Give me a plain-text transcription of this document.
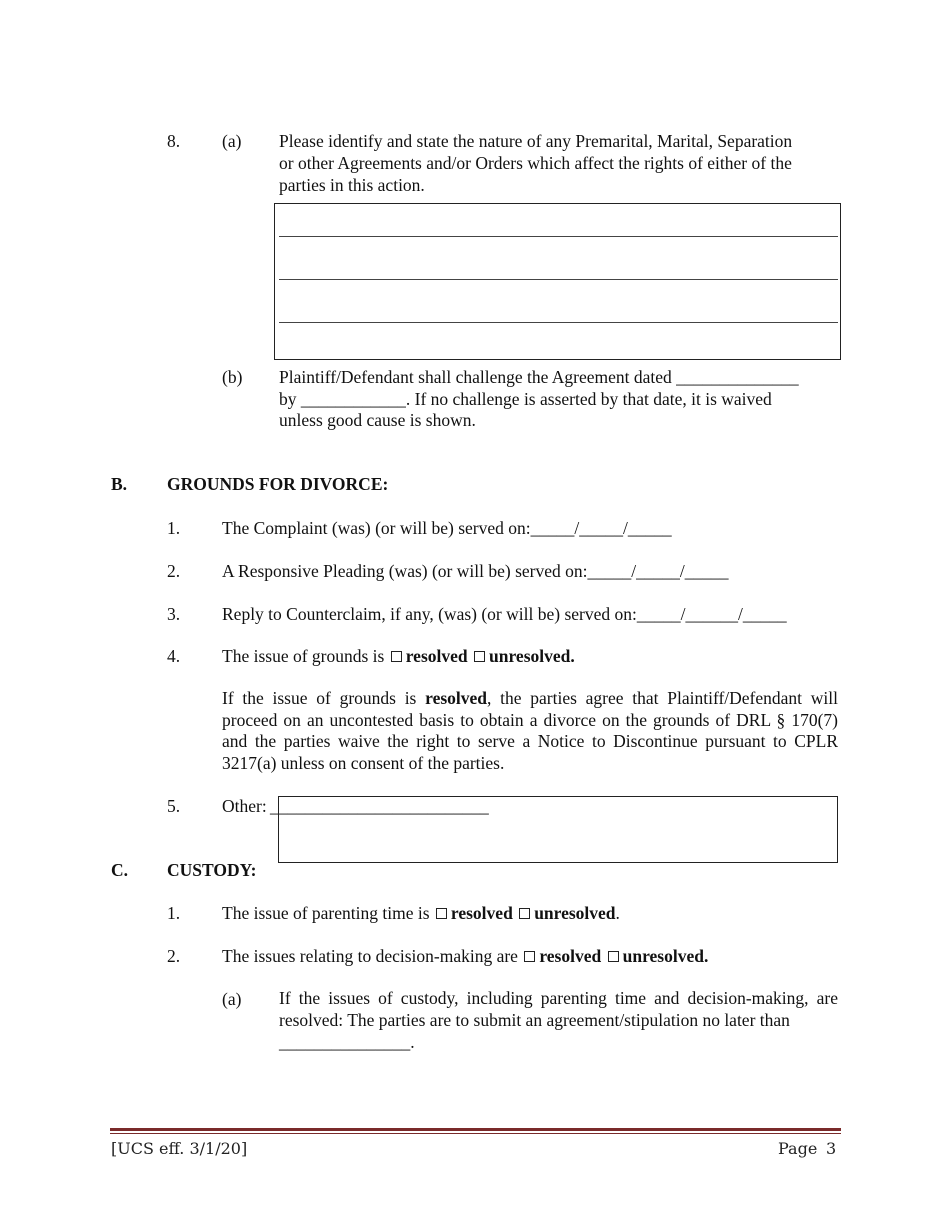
8. (a) Please identify and state the nature of any Premarital, Marital, Separation
or other Agreements and/or Orders which affect the rights of either of the
parties in this action.
(b) Plaintiff/Defendant shall challenge the Agreement dated ______________
by ____________. If no challenge is asserted by that date, it is waived
unless good cause is shown.
B. GROUNDS FOR DIVORCE:
1. The Complaint (was) (or will be) served on:_____/_____/_____
2. A Responsive Pleading (was) (or will be) served on:_____/_____/_____
3. Reply to Counterclaim, if any, (was) (or will be) served on:_____/______/_____
4. The issue of grounds is resolved unresolved.
If the issue of grounds is resolved, the parties agree that Plaintiff/Defendant will proceed on an uncontested basis to obtain a divorce on the grounds of DRL § 170(7) and the parties waive the right to serve a Notice to Discontinue pursuant to CPLR 3217(a) unless on consent of the parties.
5. Other: _________________________
C. CUSTODY:
1. The issue of parenting time is resolved unresolved.
2. The issues relating to decision-making are resolved unresolved.
(a) If the issues of custody, including parenting time and decision-making, are resolved: The parties are to submit an agreement/stipulation no later than
_______________.
[UCS eff. 3/1/20]	Page 3
